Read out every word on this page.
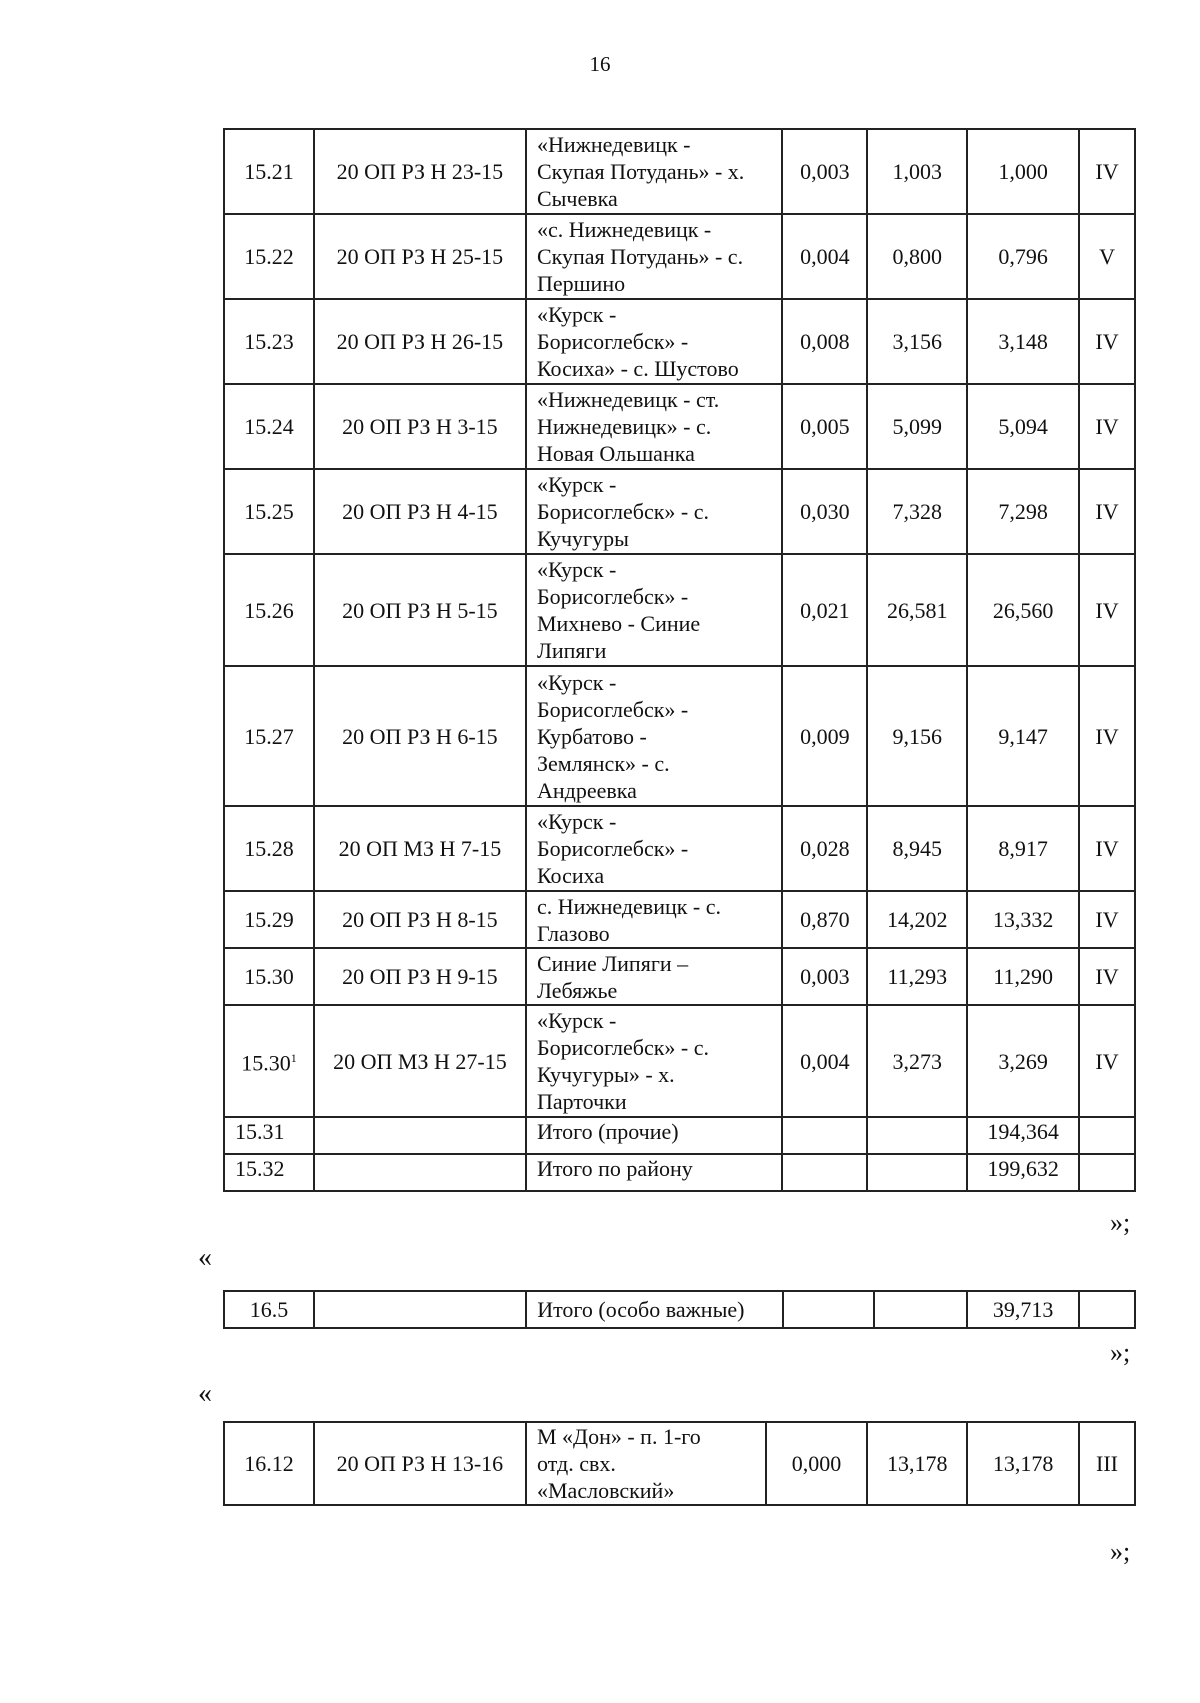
16
15.21	20 ОП РЗ Н 23-15	«Нижнедевицк -
Скупая Потудань» - х.
Сычевка	0,003	1,003	1,000	IV
15.22	20 ОП РЗ Н 25-15	«с. Нижнедевицк -
Скупая Потудань» - с.
Першино	0,004	0,800	0,796	V
15.23	20 ОП РЗ Н 26-15	«Курск -
Борисоглебск» -
Косиха» - с. Шустово	0,008	3,156	3,148	IV
15.24	20 ОП РЗ Н 3-15	«Нижнедевицк - ст.
Нижнедевицк» - с.
Новая Ольшанка	0,005	5,099	5,094	IV
15.25	20 ОП РЗ Н 4-15	«Курск -
Борисоглебск» - с.
Кучугуры	0,030	7,328	7,298	IV
15.26	20 ОП РЗ Н 5-15	«Курск -
Борисоглебск» -
Михнево - Синие
Липяги	0,021	26,581	26,560	IV
15.27	20 ОП РЗ Н 6-15	«Курск -
Борисоглебск» -
Курбатово -
Землянск» - с.
Андреевка	0,009	9,156	9,147	IV
15.28	20 ОП МЗ Н 7-15	«Курск -
Борисоглебск» -
Косиха	0,028	8,945	8,917	IV
15.29	20 ОП РЗ Н 8-15	с. Нижнедевицк - с.
Глазово	0,870	14,202	13,332	IV
15.30	20 ОП РЗ Н 9-15	Синие Липяги –
Лебяжье	0,003	11,293	11,290	IV
15.30$^1$	20 ОП МЗ Н 27-15	«Курск -
Борисоглебск» - с.
Кучугуры» - х.
Парточки	0,004	3,273	3,269	IV
15.31		Итого (прочие)			194,364	
15.32		Итого по району			199,632	
»;
«
16.5		Итого (особо важные)			39,713	
»;
«
16.12	20 ОП РЗ Н 13-16	
М «Дон» - п. 1-го
отд. свх.
«Масловский»
	0,000	13,178	13,178	III
»;
